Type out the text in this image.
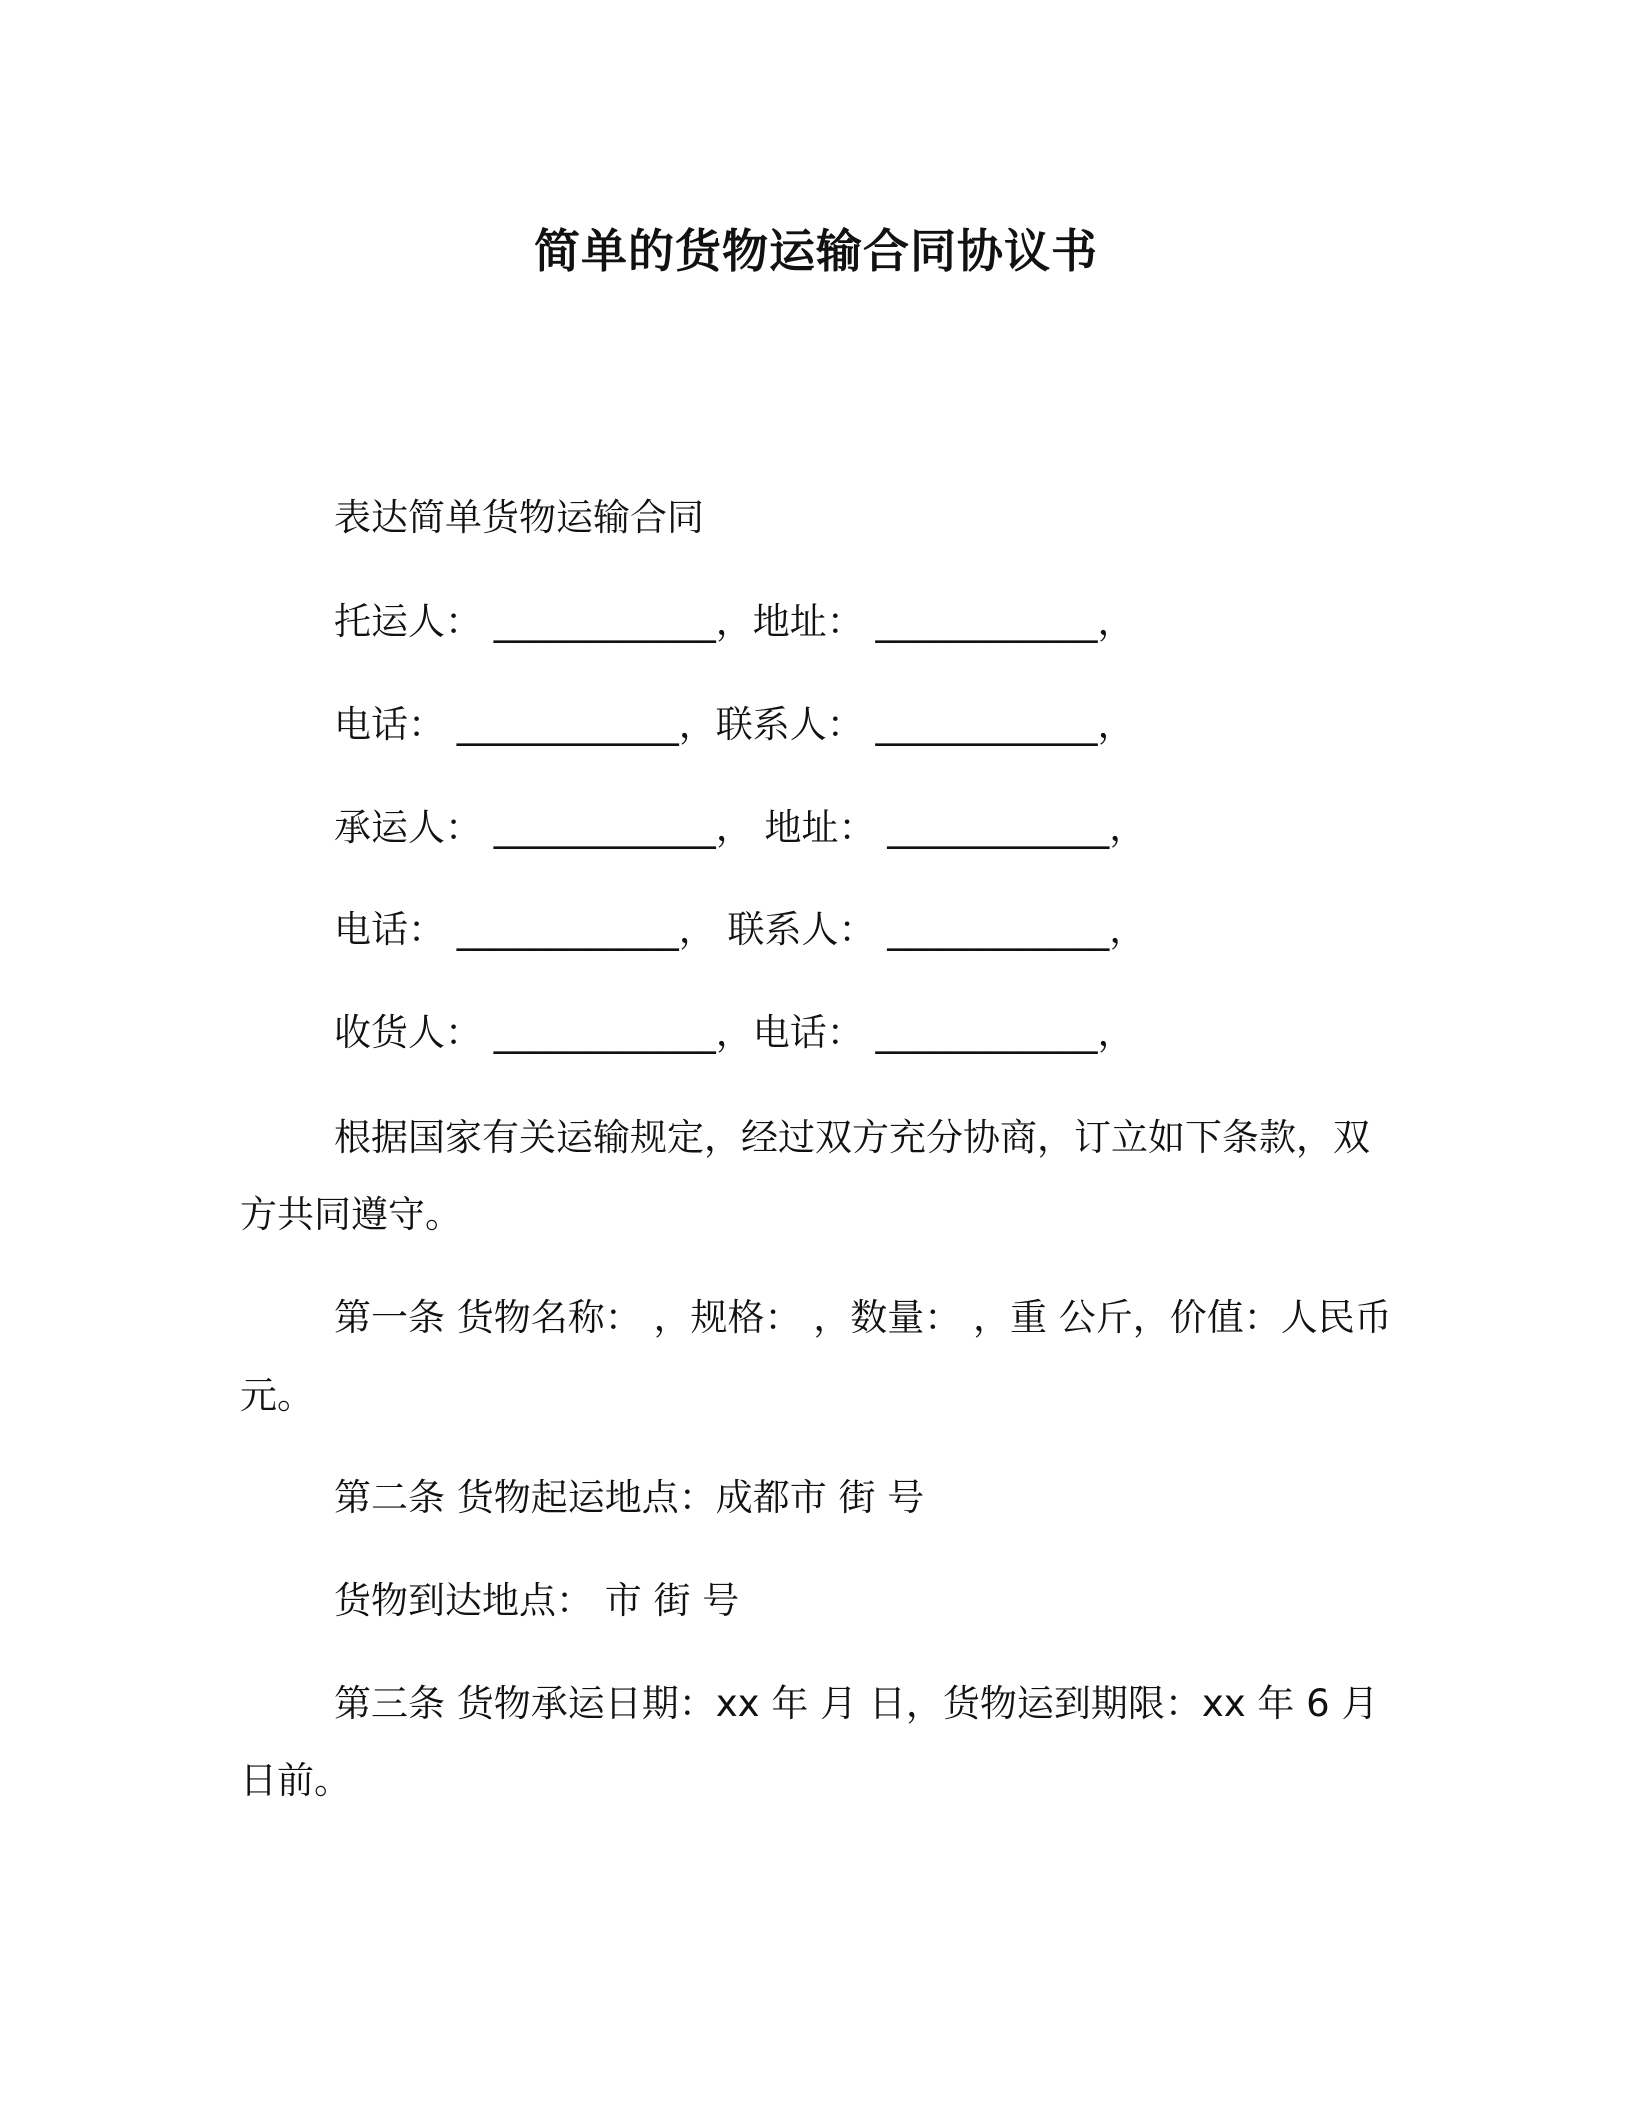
简单的货物运输合同协议书
表达简单货物运输合同
托运人： ____________，地址： ____________，
电话： ____________，联系人： ____________，
承运人： ____________， 地址： ____________，
电话： ____________， 联系人： ____________，
收货人： ____________，电话： ____________，
根据国家有关运输规定，经过双方充分协商，订立如下条款，双
方共同遵守。
第一条 货物名称： ，规格： ，数量： ，重 公斤，价值：人民币
元。
第二条 货物起运地点：成都市 街 号
货物到达地点： 市 街 号
第三条 货物承运日期：xx 年 月 日，货物运到期限：xx 年 6 月
日前。
